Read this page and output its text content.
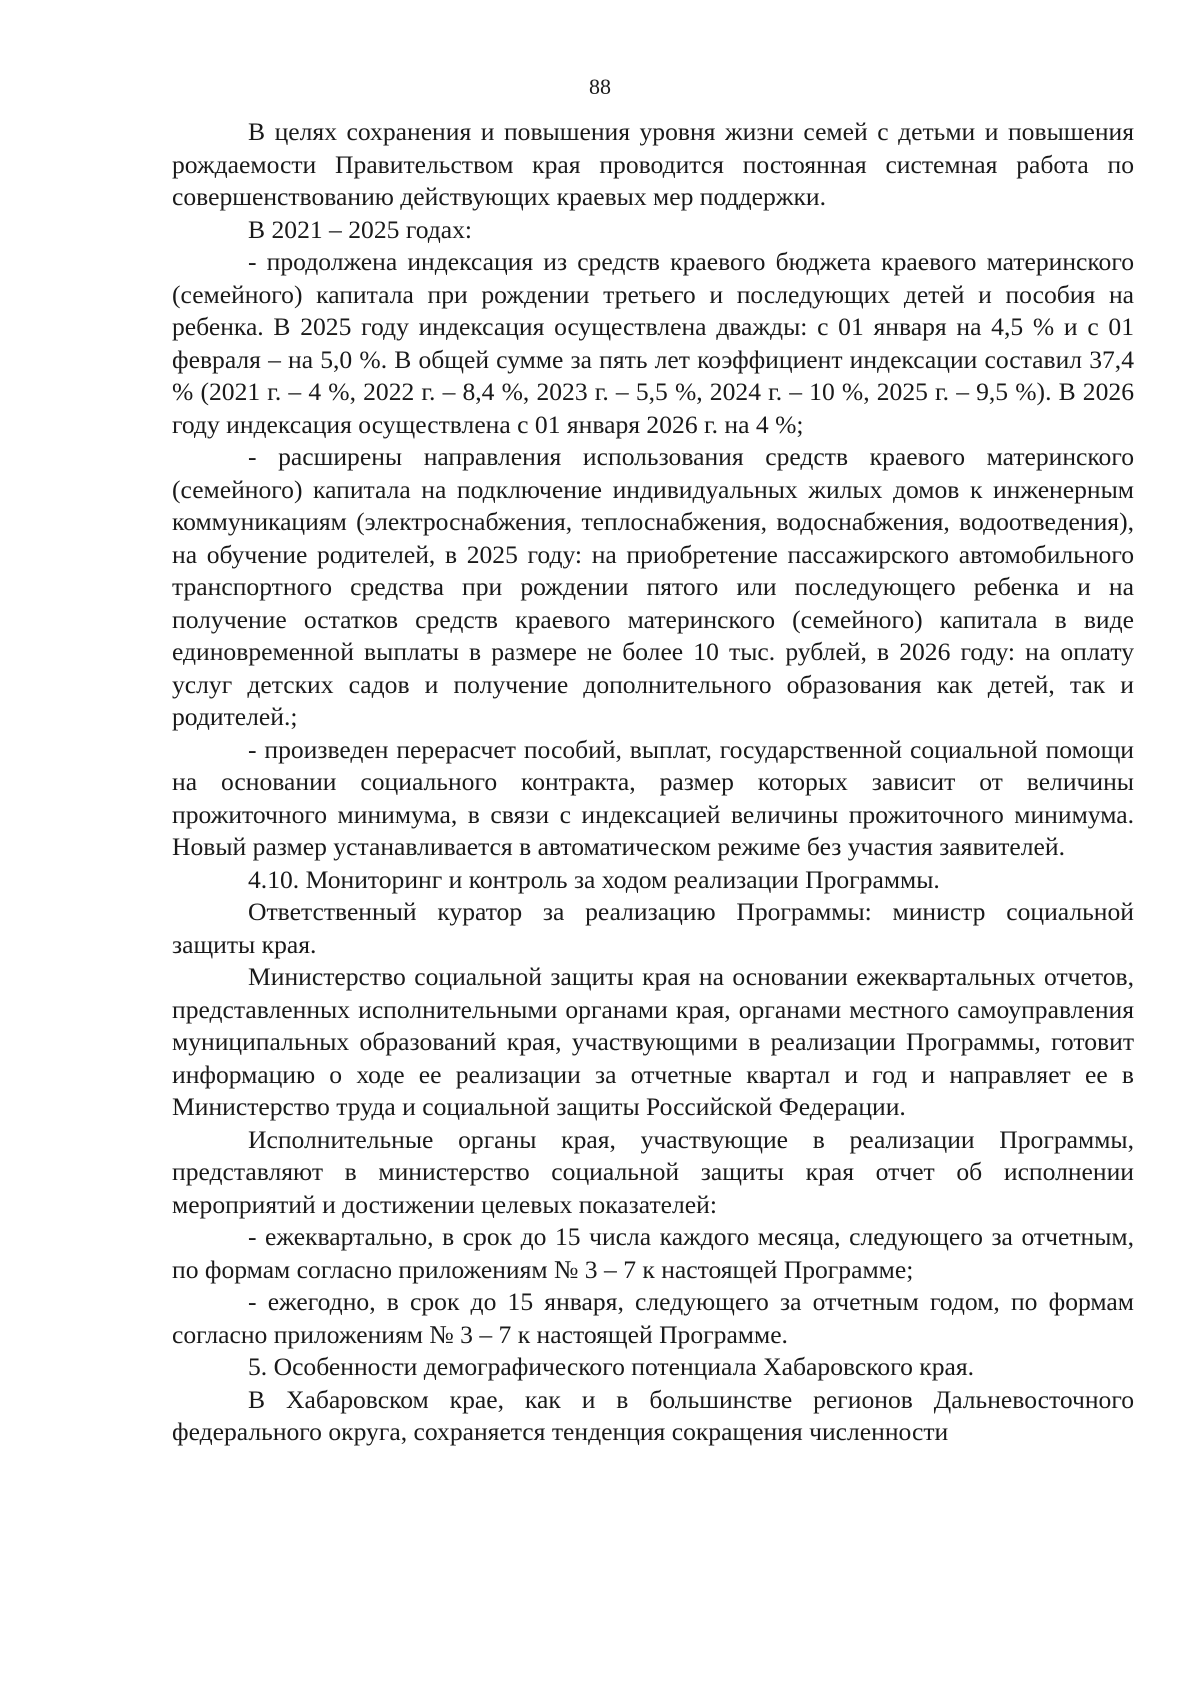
88

В целях сохранения и повышения уровня жизни семей с детьми и повышения рождаемости Правительством края проводится постоянная системная работа по совершенствованию действующих краевых мер поддержки.

В 2021 – 2025 годах:

- продолжена индексация из средств краевого бюджета краевого материнского (семейного) капитала при рождении третьего и последующих детей и пособия на ребенка. В 2025 году индексация осуществлена дважды: с 01 января на 4,5 % и с 01 февраля – на 5,0 %. В общей сумме за пять лет коэффициент индексации составил 37,4 % (2021 г. – 4 %, 2022 г. – 8,4 %, 2023 г. – 5,5 %, 2024 г. – 10 %, 2025 г. – 9,5 %). В 2026 году индексация осуществлена с 01 января 2026 г. на 4 %;

- расширены направления использования средств краевого материнского (семейного) капитала на подключение индивидуальных жилых домов к инженерным коммуникациям (электроснабжения, теплоснабжения, водоснабжения, водоотведения), на обучение родителей, в 2025 году: на приобретение пассажирского автомобильного транспортного средства при рождении пятого или последующего ребенка и на получение остатков средств краевого материнского (семейного) капитала в виде единовременной выплаты в размере не более 10 тыс. рублей, в 2026 году: на оплату услуг детских садов и получение дополнительного образования как детей, так и родителей.;

- произведен перерасчет пособий, выплат, государственной социальной помощи на основании социального контракта, размер которых зависит от величины прожиточного минимума, в связи с индексацией величины прожиточного минимума. Новый размер устанавливается в автоматическом режиме без участия заявителей.

4.10. Мониторинг и контроль за ходом реализации Программы.

Ответственный куратор за реализацию Программы: министр социальной защиты края.

Министерство социальной защиты края на основании ежеквартальных отчетов, представленных исполнительными органами края, органами местного самоуправления муниципальных образований края, участвующими в реализации Программы, готовит информацию о ходе ее реализации за отчетные квартал и год и направляет ее в Министерство труда и социальной защиты Российской Федерации.

Исполнительные органы края, участвующие в реализации Программы, представляют в министерство социальной защиты края отчет об исполнении мероприятий и достижении целевых показателей:

- ежеквартально, в срок до 15 числа каждого месяца, следующего за отчетным, по формам согласно приложениям № 3 – 7 к настоящей Программе;

- ежегодно, в срок до 15 января, следующего за отчетным годом, по формам согласно приложениям № 3 – 7 к настоящей Программе.

5. Особенности демографического потенциала Хабаровского края.

В Хабаровском крае, как и в большинстве регионов Дальневосточного федерального округа, сохраняется тенденция сокращения численности
